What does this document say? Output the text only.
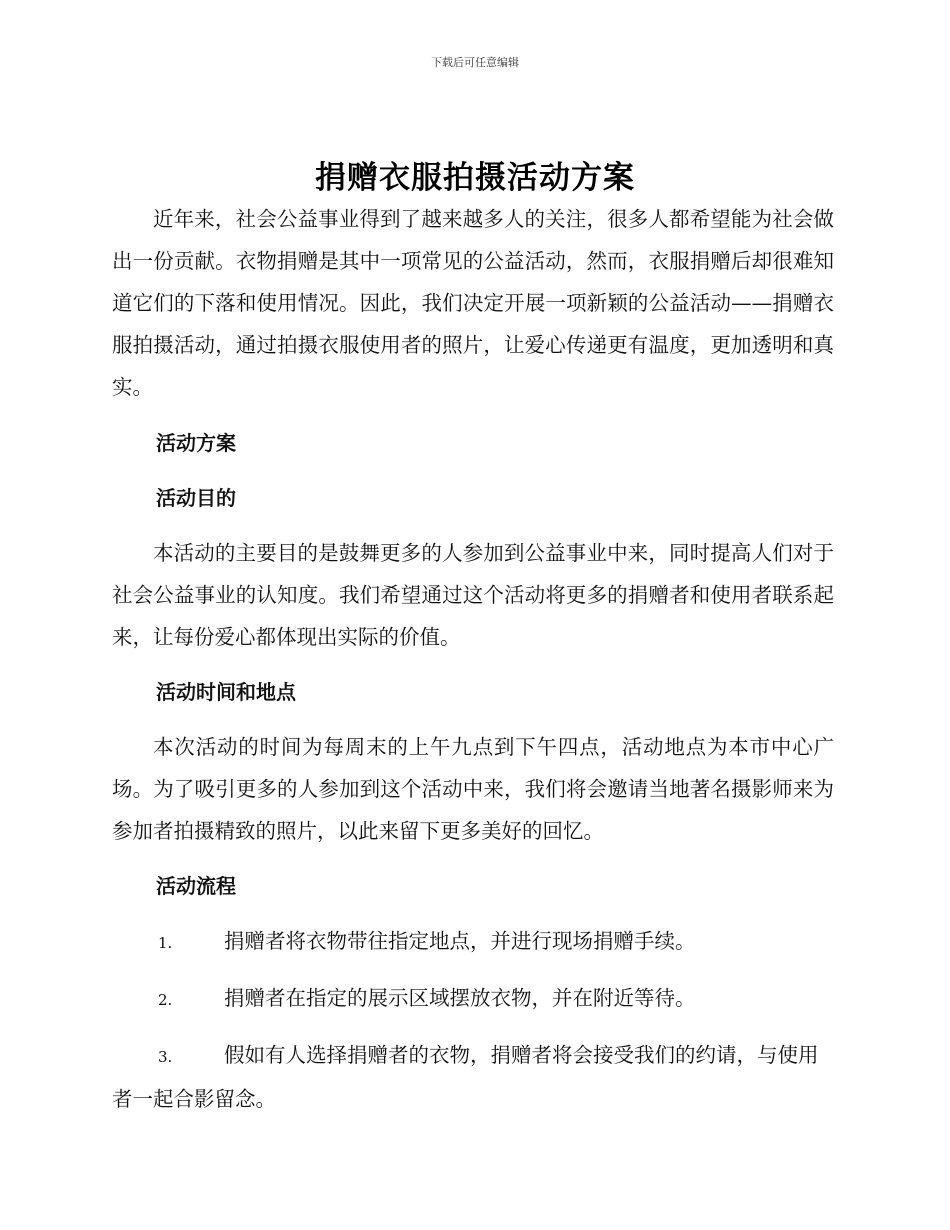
下载后可任意编辑
捐赠衣服拍摄活动方案

近年来，社会公益事业得到了越来越多人的关注，很多人都希望能为社会做出一份贡献。衣物捐赠是其中一项常见的公益活动，然而，衣服捐赠后却很难知道它们的下落和使用情况。因此，我们决定开展一项新颖的公益活动——捐赠衣服拍摄活动，通过拍摄衣服使用者的照片，让爱心传递更有温度，更加透明和真实。

活动方案
活动目的

本活动的主要目的是鼓舞更多的人参加到公益事业中来，同时提高人们对于社会公益事业的认知度。我们希望通过这个活动将更多的捐赠者和使用者联系起来，让每份爱心都体现出实际的价值。

活动时间和地点

本次活动的时间为每周末的上午九点到下午四点，活动地点为本市中心广场。为了吸引更多的人参加到这个活动中来，我们将会邀请当地著名摄影师来为参加者拍摄精致的照片，以此来留下更多美好的回忆。

活动流程
1.	捐赠者将衣物带往指定地点，并进行现场捐赠手续。
2.	捐赠者在指定的展示区域摆放衣物，并在附近等待。
3.	假如有人选择捐赠者的衣物，捐赠者将会接受我们的约请，与使用者一起合影留念。
